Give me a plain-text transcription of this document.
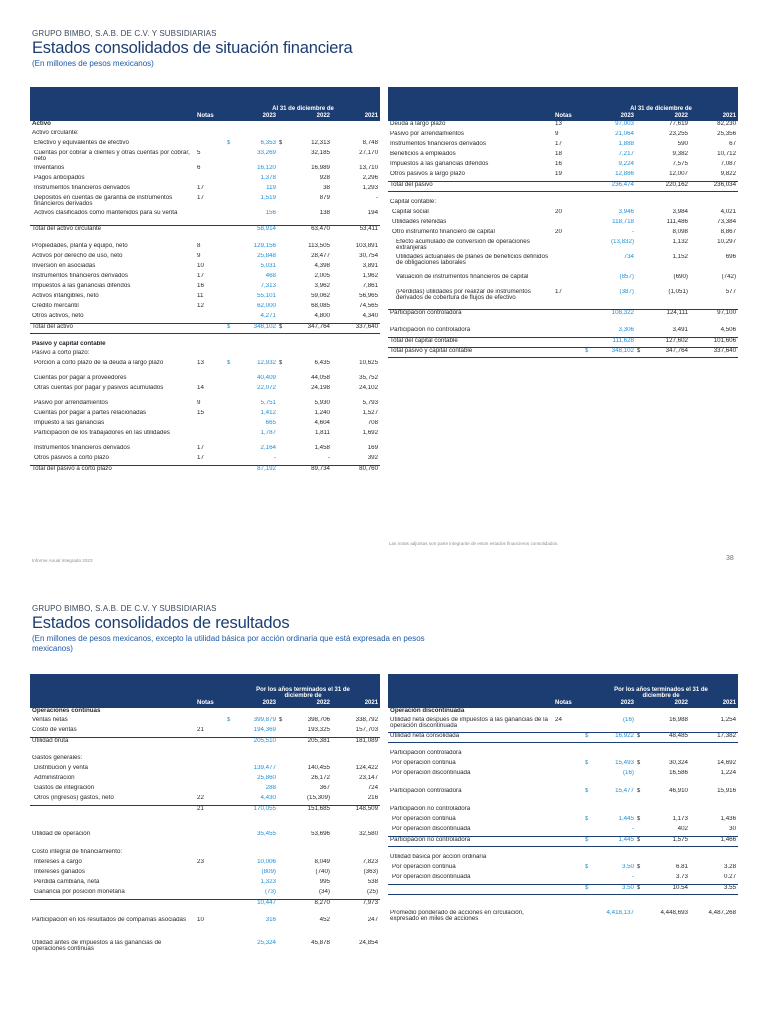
GRUPO BIMBO, S.A.B. DE C.V. Y SUBSIDIARIAS
Estados consolidados de situación financiera
(En millones de pesos mexicanos)
		Al 31 de diciembre de				
	Notas		2023		2022	2021
Activo						
Activo circulante:						
Efectivo y equivalentes de efectivo		$	6,353	$	12,313	8,748
Cuentas por cobrar a clientes y otras cuentas por cobrar, neto	5		33,269		32,185	27,170
Inventarios	6		16,120		16,989	13,710
Pagos anticipados			1,378		928	2,296
Instrumentos financieros derivados	17		119		38	1,293
Depósitos en cuentas de garantía de instrumentos financieros derivados	17		1,519		879	-
Activos clasificados como mantenidos para su venta			156		138	194
Total del activo circulante			58,914		63,470	53,411

Propiedades, planta y equipo, neto	8		129,156		113,505	103,891
Activos por derecho de uso, neto	9		25,848		28,477	30,754
Inversión en asociadas	10		5,031		4,398	3,891
Instrumentos financieros derivados	17		468		2,005	1,962
Impuestos a las ganancias diferidos	16		7,313		3,962	7,861
Activos intangibles, neto	11		55,101		59,062	56,965
Crédito mercantil	12		62,000		68,085	74,565
Otros activos, neto			4,271		4,800	4,340
Total del activo		$	348,102	$	347,764	337,640

Pasivo y capital contable						
Pasivo a corto plazo:						
Porción a corto plazo de la deuda a largo plazo	13	$	12,932	$	6,435	10,625
Cuentas por pagar a proveedores			40,409		44,058	35,752
Otras cuentas por pagar y pasivos acumulados	14		22,072		24,198	24,102
Pasivo por arrendamientos	9		5,751		5,930	5,793
Cuentas por pagar a partes relacionadas	15		1,412		1,240	1,527
Impuesto a las ganancias			665		4,604	708
Participación de los trabajadores en las utilidades			1,787		1,811	1,692
Instrumentos financieros derivados	17		2,164		1,458	169
Otros pasivos a corto plazo	17		-		-	392
Total del pasivo a corto plazo			87,192		89,734	80,760
		Al 31 de diciembre de				
	Notas		2023		2022	2021
Deuda a largo plazo	13		97,003		77,619	82,230
Pasivo por arrendamientos	9		21,064		23,255	25,356
Instrumentos financieros derivados	17		1,888		590	67
Beneficios a empleados	18		7,217		9,382	10,712
Impuestos a las ganancias diferidos	16		9,224		7,575	7,087
Otros pasivos a largo plazo	19		12,886		12,007	9,822
Total del pasivo			236,474		220,162	236,034

Capital contable:						
Capital social	20		3,946		3,984	4,021
Utilidades retenidas			118,718		111,486	73,384
Otro instrumento financiero de capital	20		-		8,098	8,867
Efecto acumulado de conversión de operaciones extranjeras			(13,832)		1,132	10,297
Utilidades actuariales de planes de beneficios definidos de obligaciones laborales			734		1,152	696
Valuación de instrumentos financieros de capital			(857)		(690)	(742)
(Pérdidas) utilidades por realizar de instrumentos derivados de cobertura de flujos de efectivo	17		(387)		(1,051)	577
Participación controladora			108,322		124,111	97,100

Participación no controladora			3,306		3,491	4,506
Total del capital contable			111,628		127,602	101,606
Total pasivo y capital contable		$	348,102	$	347,764	337,640
Las notas adjuntas son parte integrante de estos estados financieros consolidados.
Informe Anual Integrado 2023	38
GRUPO BIMBO, S.A.B. DE C.V. Y SUBSIDIARIAS
Estados consolidados de resultados
(En millones de pesos mexicanos, excepto la utilidad básica por acción ordinaria que está expresada en pesos mexicanos)
		Por los años terminados el 31 de diciembre de				
	Notas		2023		2022	2021
Operaciones continuas						
Ventas netas		$	399,879	$	398,706	338,792
Costo de ventas	21		194,369		193,325	157,703
Utilidad bruta			205,510		205,381	181,089

Gastos generales:						
Distribución y venta			139,477		140,455	124,422
Administración			25,860		26,172	23,147
Gastos de integración			288		367	724
Otros (ingresos) gastos, neto	22		4,430		(15,309)	216
	21		170,055		151,685	148,509

Utilidad de operación			35,455		53,696	32,580

Costo integral de financiamiento:						
Intereses a cargo	23		10,006		8,049	7,823
Intereses ganados			(809)		(740)	(363)
Pérdida cambiaria, neta			1,323		995	538
Ganancia por posición monetaria			(73)		(34)	(25)
			10,447		8,270	7,973

Participación en los resultados de compañías asociadas	10		316		452	247

Utilidad antes de impuestos a las ganancias de operaciones continuas			25,324		45,878	24,854
		Por los años terminados el 31 de diciembre de				
	Notas		2023		2022	2021
Operación discontinuada						
Utilidad neta después de impuestos a las ganancias de la operación discontinuada	24		(16)		16,988	1,254
Utilidad neta consolidada		$	16,922	$	48,485	17,382

Participación controladora						
Por operación continua		$	15,493	$	30,324	14,692
Por operación discontinuada			(16)		16,586	1,224

Participación controladora		$	15,477	$	46,910	15,916

Participación no controladora						
Por operación continua		$	1,445	$	1,173	1,436
Por operación discontinuada			-		402	30
Participación no controladora		$	1,445	$	1,575	1,466

Utilidad básica por acción ordinaria						
Por operación continua		$	3.50	$	6.81	3.28
Por operación discontinuada			-		3.73	0.27
		$	3.50	$	10.54	3.55

Promedio ponderado de acciones en circulación, expresado en miles de acciones			4,418,137		4,448,693	4,487,268
